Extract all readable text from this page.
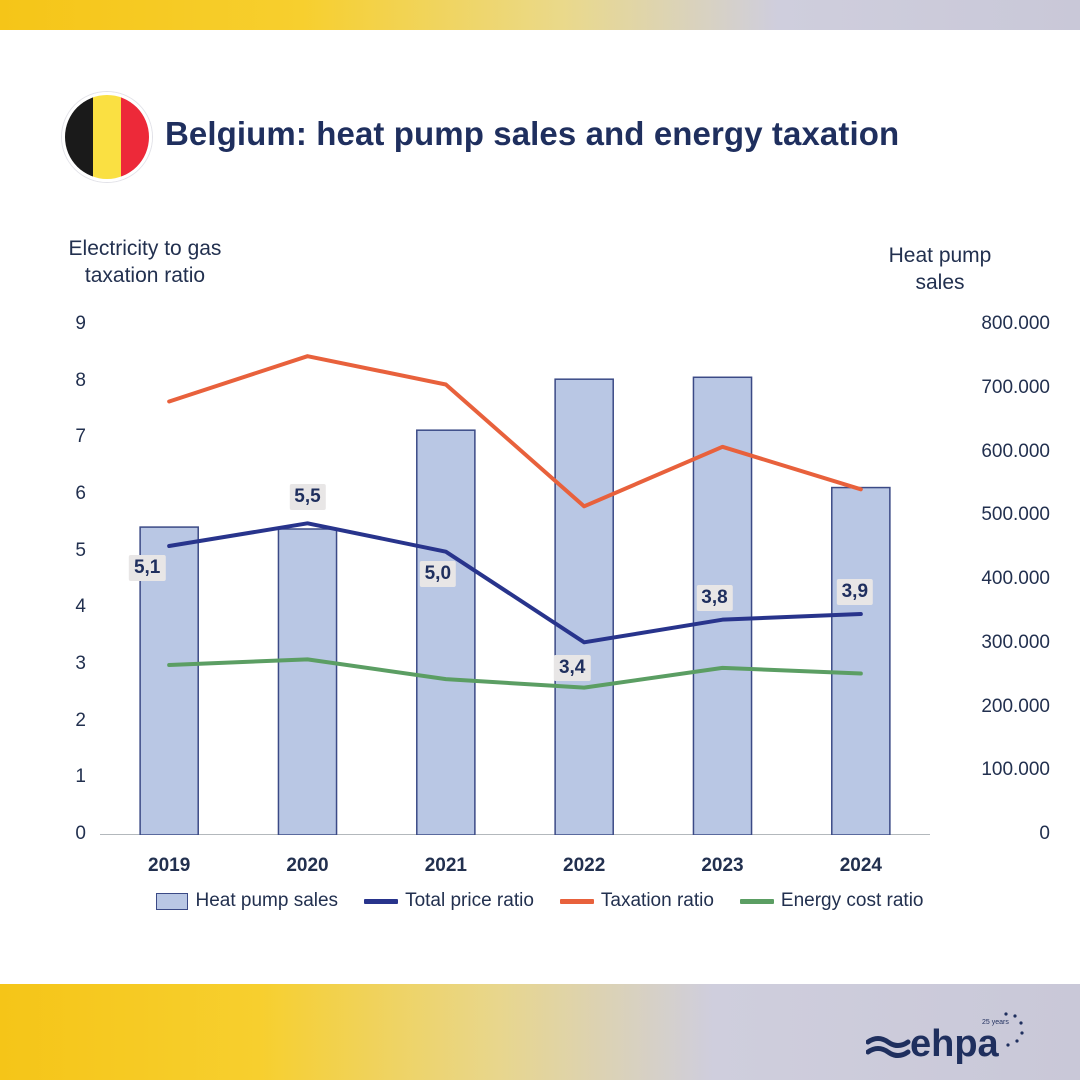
Belgium: heat pump sales and energy taxation
Electricity to gas taxation ratio
Heat pump sales
0
1
2
3
4
5
6
7
8
9
0
100.000
200.000
300.000
400.000
500.000
600.000
700.000
800.000
2019	2020	2021	2022	2023	2024
5,1
5,5
5,0
3,4
3,8	3,9
Heat pump sales	Total price ratio	Taxation ratio	Energy cost ratio
ehpa
25 years
